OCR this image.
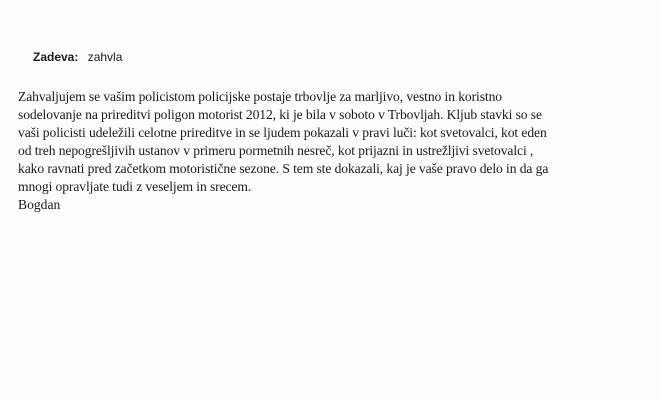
Zadeva: zahvla
Zahvaljujem se vašim policistom policijske postaje trbovlje za marljivo, vestno in koristno
sodelovanje na prireditvi poligon motorist 2012, ki je bila v soboto v Trbovljah. Kljub stavki so se
vaši policisti udeležili celotne prireditve in se ljudem pokazali v pravi luči: kot svetovalci, kot eden
od treh nepogrešljivih ustanov v primeru pormetnih nesreč, kot prijazni in ustrežljivi svetovalci ,
kako ravnati pred začetkom motoristične sezone. S tem ste dokazali, kaj je vaše pravo delo in da ga
mnogi opravljate tudi z veseljem in srecem.
Bogdan
